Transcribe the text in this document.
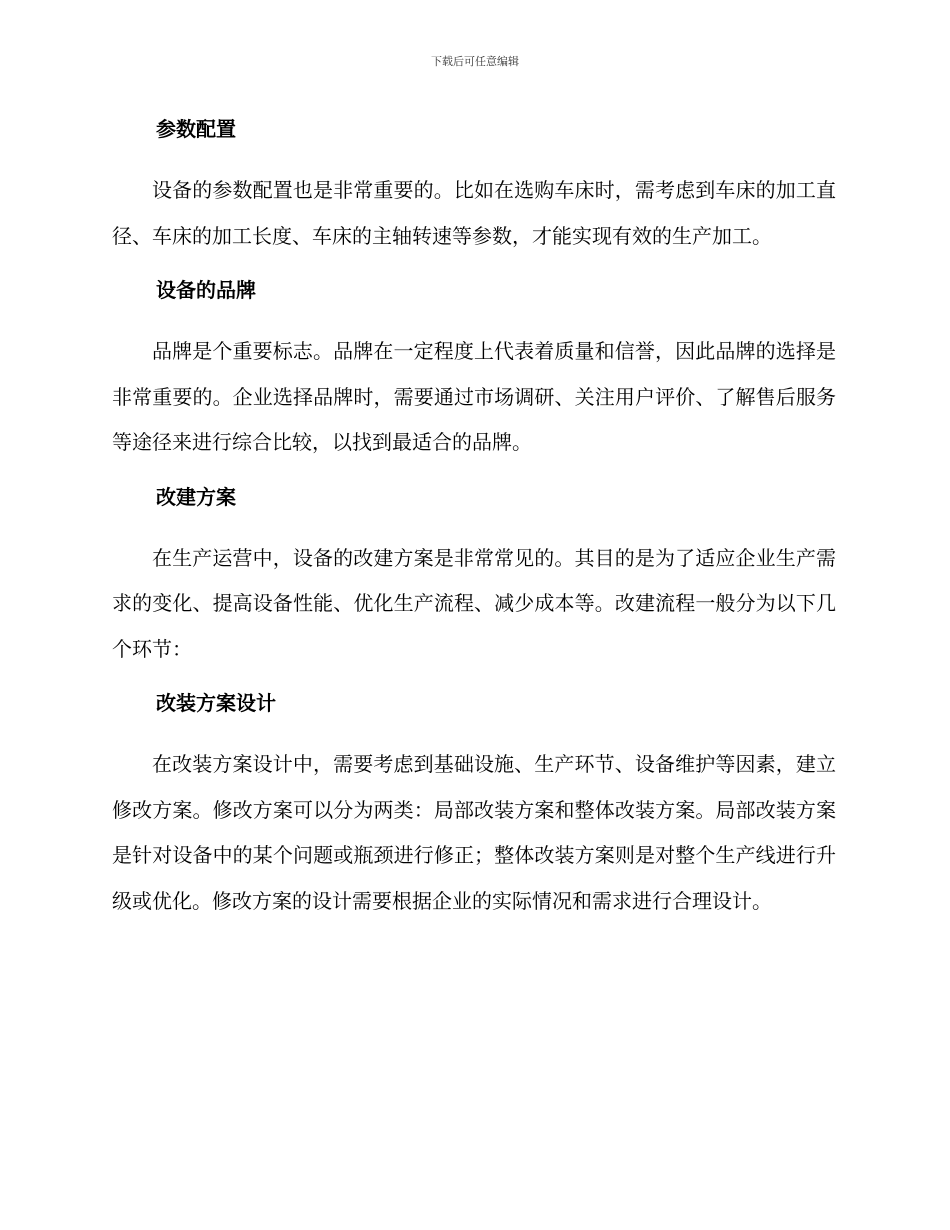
下载后可任意编辑
参数配置

设备的参数配置也是非常重要的。比如在选购车床时，需考虑到车床的加工直径、车床的加工长度、车床的主轴转速等参数，才能实现有效的生产加工。

设备的品牌

品牌是个重要标志。品牌在一定程度上代表着质量和信誉，因此品牌的选择是非常重要的。企业选择品牌时，需要通过市场调研、关注用户评价、了解售后服务等途径来进行综合比较，以找到最适合的品牌。

改建方案

在生产运营中，设备的改建方案是非常常见的。其目的是为了适应企业生产需求的变化、提高设备性能、优化生产流程、减少成本等。改建流程一般分为以下几个环节：

改装方案设计

在改装方案设计中，需要考虑到基础设施、生产环节、设备维护等因素，建立修改方案。修改方案可以分为两类：局部改装方案和整体改装方案。局部改装方案是针对设备中的某个问题或瓶颈进行修正；整体改装方案则是对整个生产线进行升级或优化。修改方案的设计需要根据企业的实际情况和需求进行合理设计。
